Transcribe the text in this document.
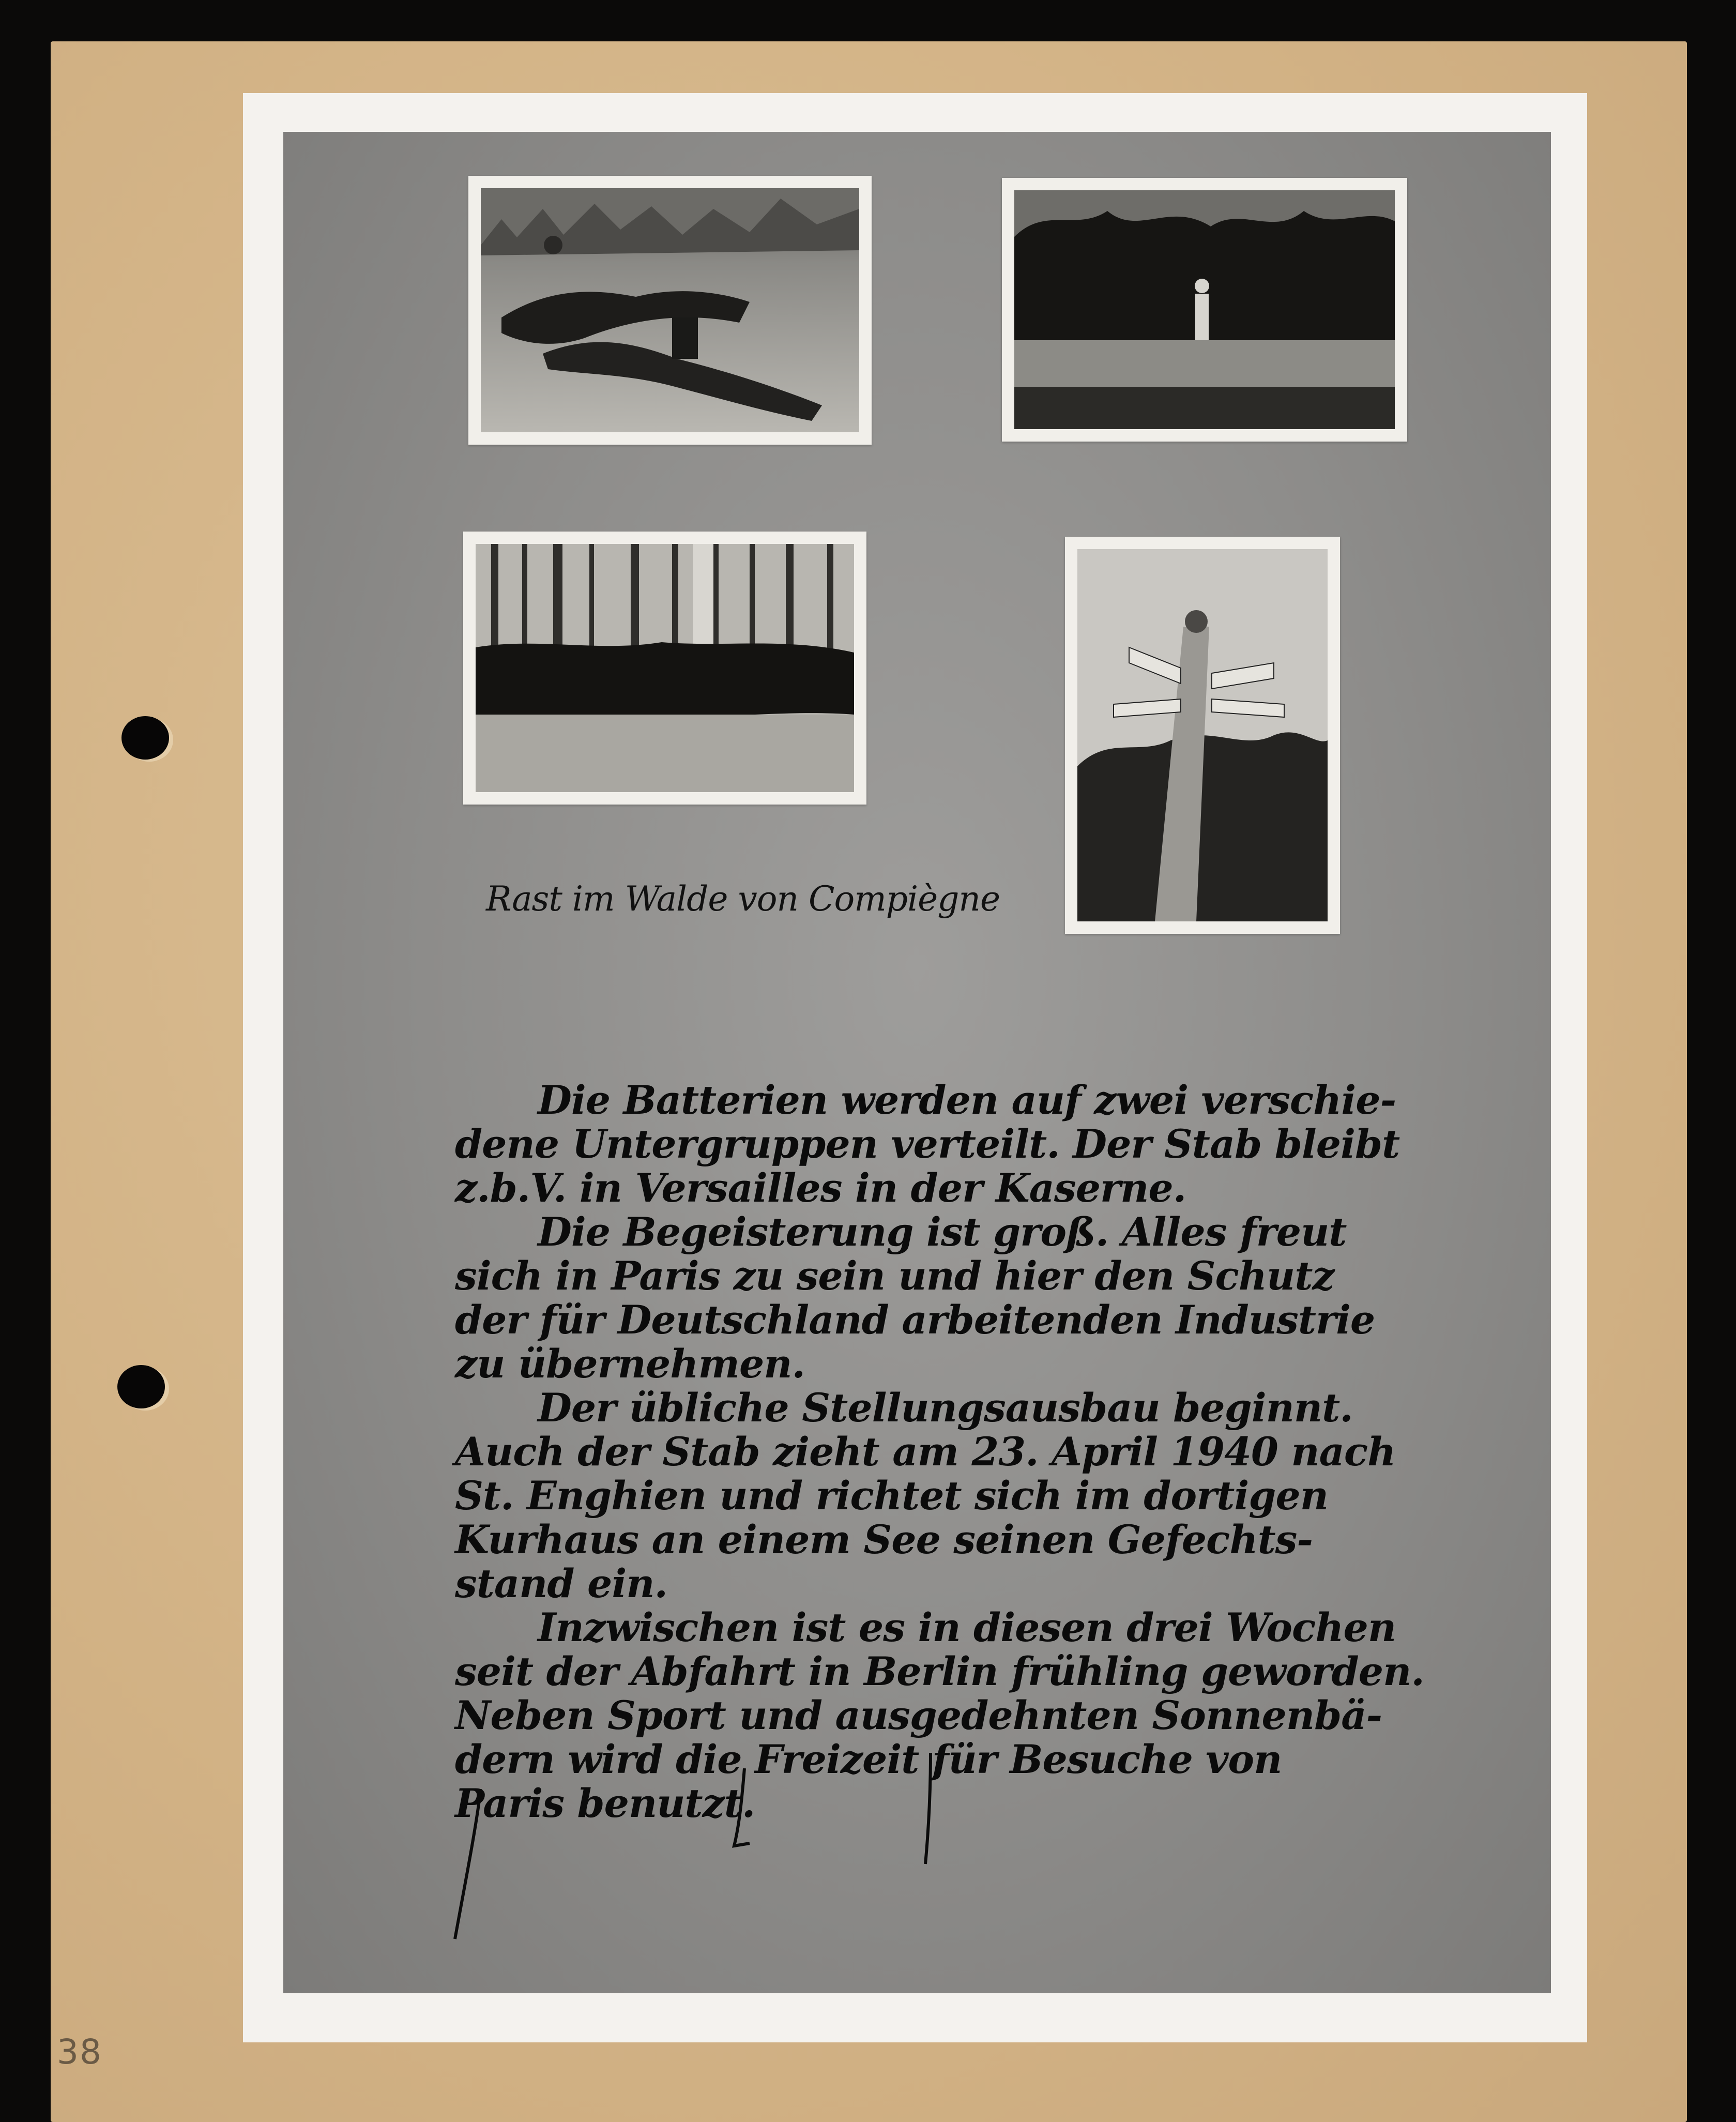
Rast im Walde von Compiègne

Die Batterien werden auf zwei verschie-

dene Untergruppen verteilt. Der Stab bleibt

z.b.V. in Versailles in der Kaserne.

Die Begeisterung ist groß. Alles freut

sich in Paris zu sein und hier den Schutz

der für Deutschland arbeitenden Industrie

zu übernehmen.

Der übliche Stellungsausbau beginnt.

Auch der Stab zieht am 23. April 1940 nach

St. Enghien und richtet sich im dortigen

Kurhaus an einem See seinen Gefechts-

stand ein.

Inzwischen ist es in diesen drei Wochen

seit der Abfahrt in Berlin frühling geworden.

Neben Sport und ausgedehnten Sonnenbä-

dern wird die Freizeit für Besuche von

Paris benutzt.

38
